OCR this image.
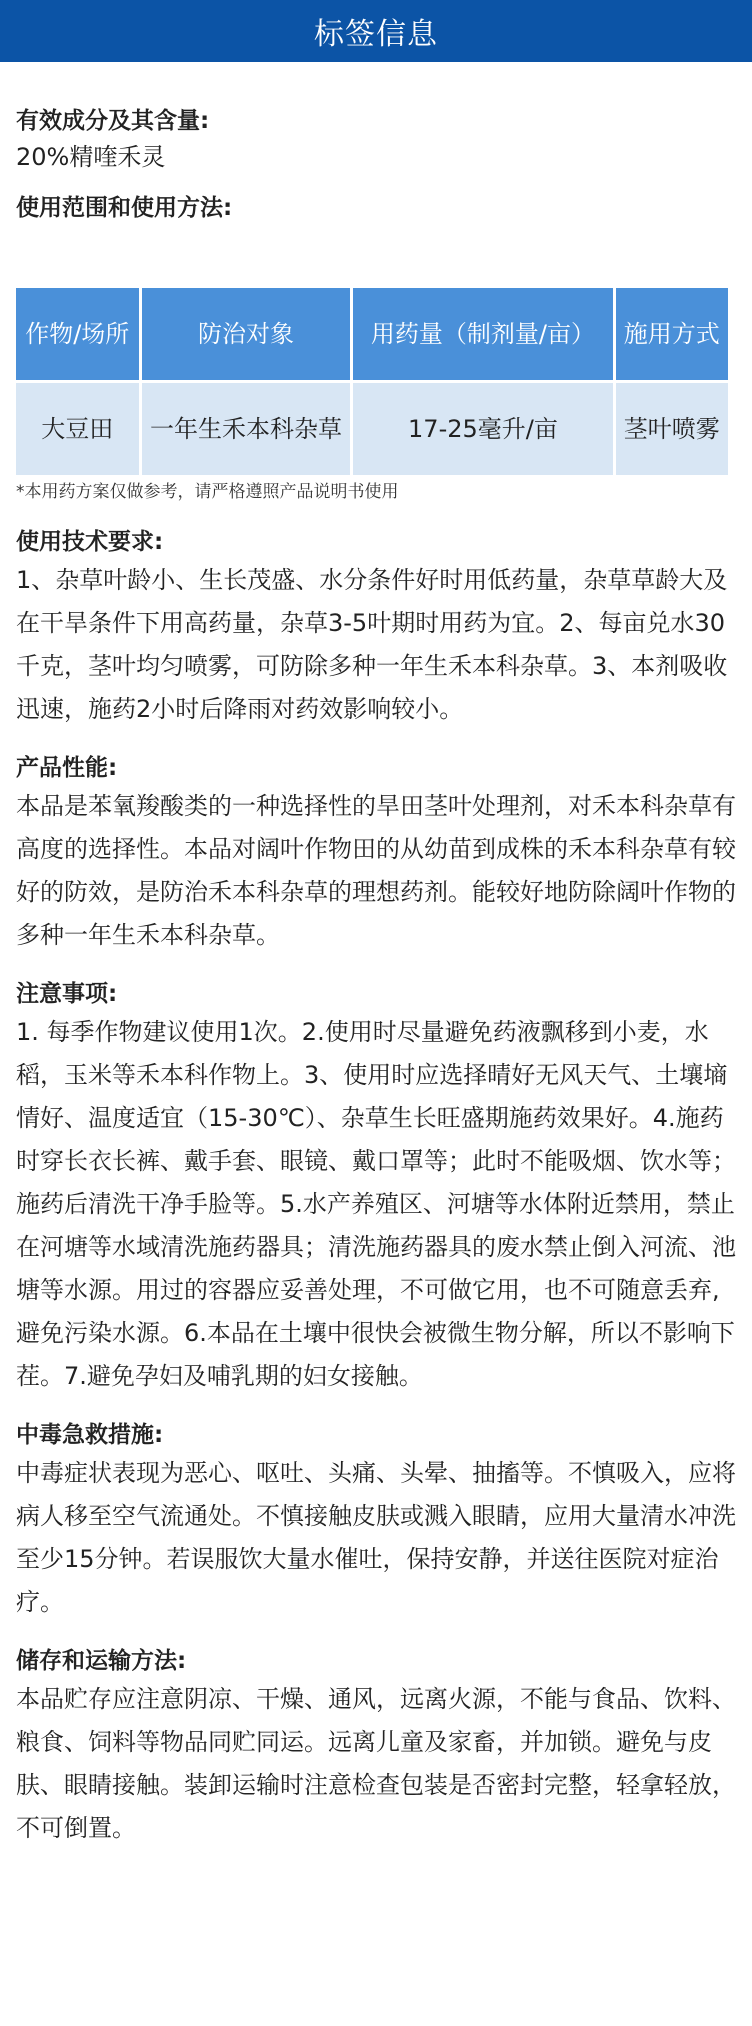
标签信息

有效成分及其含量:

20%精喹禾灵

使用范围和使用方法:

作物/场所	防治对象	用药量（制剂量/亩）	施用方式
大豆田	一年生禾本科杂草	17-25毫升/亩	茎叶喷雾
*本用药方案仅做参考，请严格遵照产品说明书使用

使用技术要求:

1、杂草叶龄小、生长茂盛、水分条件好时用低药量，杂草草龄大及在干旱条件下用高药量，杂草3-5叶期时用药为宜。2、每亩兑水30千克，茎叶均匀喷雾，可防除多种一年生禾本科杂草。3、本剂吸收迅速，施药2小时后降雨对药效影响较小。

产品性能:

本品是苯氧羧酸类的一种选择性的旱田茎叶处理剂，对禾本科杂草有高度的选择性。本品对阔叶作物田的从幼苗到成株的禾本科杂草有较好的防效，是防治禾本科杂草的理想药剂。能较好地防除阔叶作物的多种一年生禾本科杂草。

注意事项:

1. 每季作物建议使用1次。2.使用时尽量避免药液飘移到小麦，水稻，玉米等禾本科作物上。3、使用时应选择晴好无风天气、土壤墒情好、温度适宜（15-30℃）、杂草生长旺盛期施药效果好。4.施药时穿长衣长裤、戴手套、眼镜、戴口罩等；此时不能吸烟、饮水等；施药后清洗干净手脸等。5.水产养殖区、河塘等水体附近禁用，禁止在河塘等水域清洗施药器具；清洗施药器具的废水禁止倒入河流、池塘等水源。用过的容器应妥善处理，不可做它用，也不可随意丢弃,避免污染水源。6.本品在土壤中很快会被微生物分解，所以不影响下茬。7.避免孕妇及哺乳期的妇女接触。

中毒急救措施:

中毒症状表现为恶心、呕吐、头痛、头晕、抽搐等。不慎吸入，应将病人移至空气流通处。不慎接触皮肤或溅入眼睛，应用大量清水冲洗至少15分钟。若误服饮大量水催吐，保持安静，并送往医院对症治疗。

储存和运输方法:

本品贮存应注意阴凉、干燥、通风，远离火源，不能与食品、饮料、粮食、饲料等物品同贮同运。远离儿童及家畜，并加锁。避免与皮肤、眼睛接触。装卸运输时注意检查包装是否密封完整，轻拿轻放，不可倒置。
